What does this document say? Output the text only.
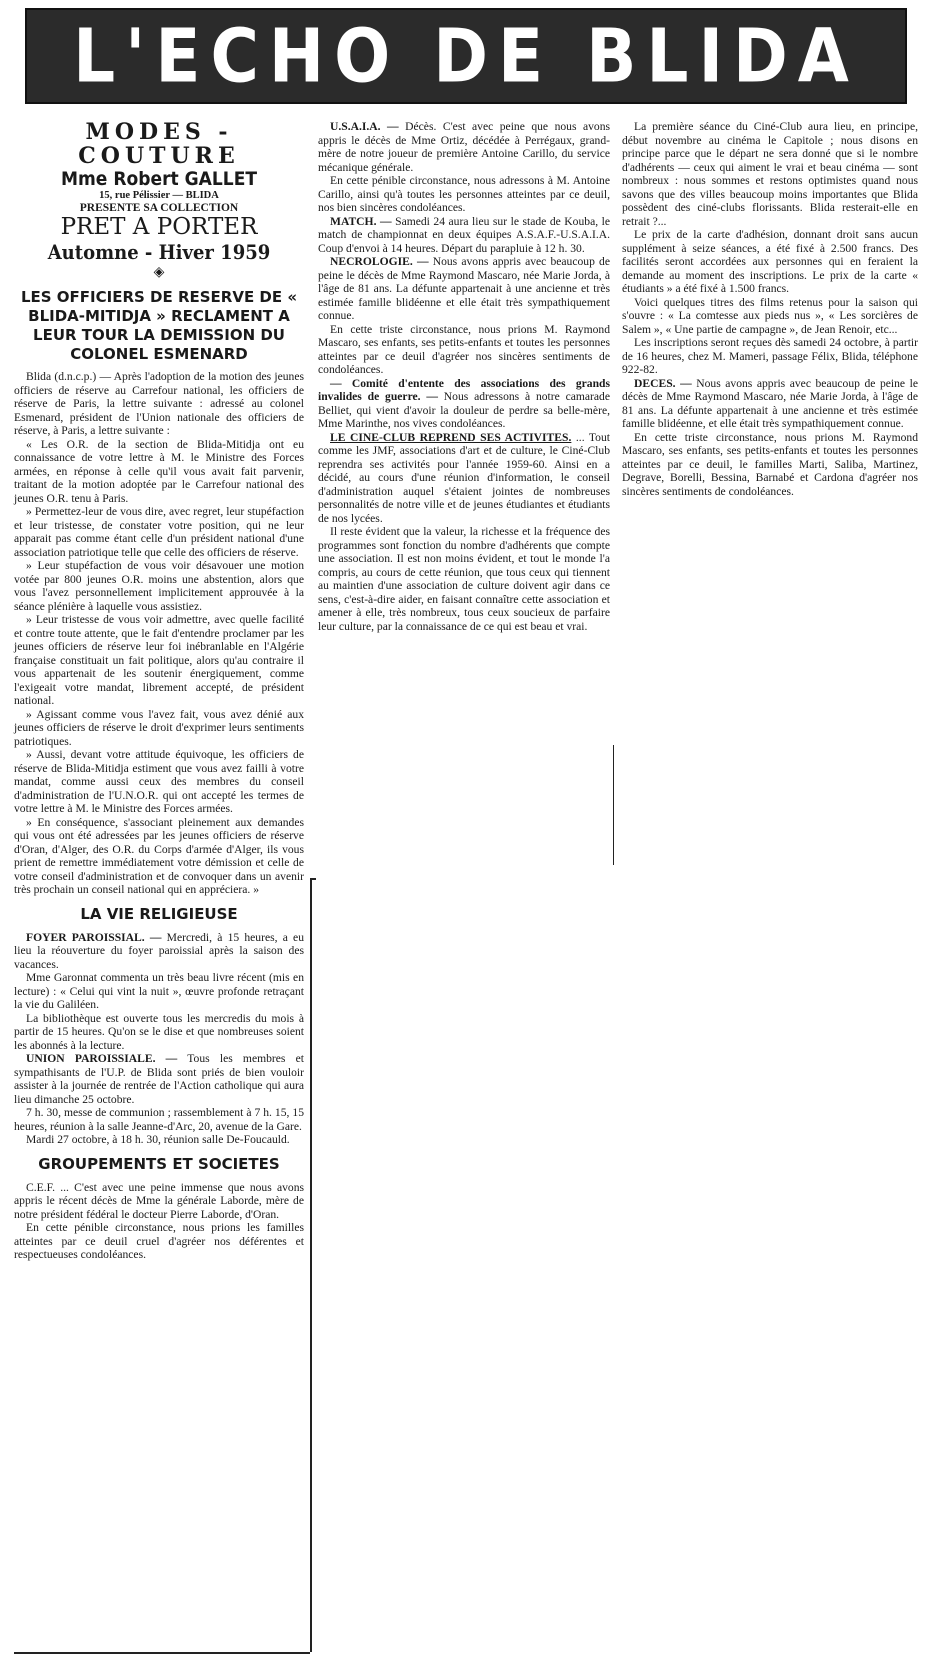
L'ECHO DE BLIDA
MODES - COUTURE
Mme Robert GALLET
15, rue Pélissier — BLIDA
PRESENTE SA COLLECTION
PRET A PORTER
Automne - Hiver 1959
◈
LES OFFICIERS DE RESERVE DE « BLIDA-MITIDJA » RECLAMENT A LEUR TOUR LA DEMISSION DU COLONEL ESMENARD

Blida (d.n.c.p.) — Après l'adoption de la motion des jeunes officiers de réserve au Carrefour national, les officiers de réserve de Paris, la lettre suivante : adressé au colonel Esmenard, président de l'Union nationale des officiers de réserve, à Paris, a lettre suivante :

« Les O.R. de la section de Blida-Mitidja ont eu connaissance de votre lettre à M. le Ministre des Forces armées, en réponse à celle qu'il vous avait fait parvenir, traitant de la motion adoptée par le Carrefour national des jeunes O.R. tenu à Paris.

» Permettez-leur de vous dire, avec regret, leur stupéfaction et leur tristesse, de constater votre position, qui ne leur apparait pas comme étant celle d'un président national d'une association patriotique telle que celle des officiers de réserve.

» Leur stupéfaction de vous voir désavouer une motion votée par 800 jeunes O.R. moins une abstention, alors que vous l'avez personnellement implicitement approuvée à la séance plénière à laquelle vous assistiez.

» Leur tristesse de vous voir admettre, avec quelle facilité et contre toute attente, que le fait d'entendre proclamer par les jeunes officiers de réserve leur foi inébranlable en l'Algérie française constituait un fait politique, alors qu'au contraire il vous appartenait de les soutenir énergiquement, comme l'exigeait votre mandat, librement accepté, de président national.

» Agissant comme vous l'avez fait, vous avez dénié aux jeunes officiers de réserve le droit d'exprimer leurs sentiments patriotiques.

» Aussi, devant votre attitude équivoque, les officiers de réserve de Blida-Mitidja estiment que vous avez failli à votre mandat, comme aussi ceux des membres du conseil d'administration de l'U.N.O.R. qui ont accepté les termes de votre lettre à M. le Ministre des Forces armées.

» En conséquence, s'associant pleinement aux demandes qui vous ont été adressées par les jeunes officiers de réserve d'Oran, d'Alger, des O.R. du Corps d'armée d'Alger, ils vous prient de remettre immédiatement votre démission et celle de votre conseil d'administration et de convoquer dans un avenir très prochain un conseil national qui en appréciera. »

LA VIE RELIGIEUSE

FOYER PAROISSIAL. — Mercredi, à 15 heures, a eu lieu la réouverture du foyer paroissial après la saison des vacances.

Mme Garonnat commenta un très beau livre récent (mis en lecture) : « Celui qui vint la nuit », œuvre profonde retraçant la vie du Galiléen.

La bibliothèque est ouverte tous les mercredis du mois à partir de 15 heures. Qu'on se le dise et que nombreuses soient les abonnés à la lecture.

UNION PAROISSIALE. — Tous les membres et sympathisants de l'U.P. de Blida sont priés de bien vouloir assister à la journée de rentrée de l'Action catholique qui aura lieu dimanche 25 octobre.

7 h. 30, messe de communion ; rassemblement à 7 h. 15, 15 heures, réunion à la salle Jeanne-d'Arc, 20, avenue de la Gare.

Mardi 27 octobre, à 18 h. 30, réunion salle De-Foucauld.

GROUPEMENTS ET SOCIETES

C.E.F. ... C'est avec une peine immense que nous avons appris le récent décès de Mme la générale Laborde, mère de notre président fédéral le docteur Pierre Laborde, d'Oran.

En cette pénible circonstance, nous prions les familles atteintes par ce deuil cruel d'agréer nos déférentes et respectueuses condoléances.

U.S.A.I.A. — Décès. C'est avec peine que nous avons appris le décès de Mme Ortiz, décédée à Perrégaux, grand-mère de notre joueur de première Antoine Carillo, du service mécanique générale.

En cette pénible circonstance, nous adressons à M. Antoine Carillo, ainsi qu'à toutes les personnes atteintes par ce deuil, nos bien sincères condoléances.

MATCH. — Samedi 24 aura lieu sur le stade de Kouba, le match de championnat en deux équipes A.S.A.F.-U.S.A.I.A. Coup d'envoi à 14 heures. Départ du parapluie à 12 h. 30.

NECROLOGIE. — Nous avons appris avec beaucoup de peine le décès de Mme Raymond Mascaro, née Marie Jorda, à l'âge de 81 ans. La défunte appartenait à une ancienne et très estimée famille blidéenne et elle était très sympathiquement connue.

En cette triste circonstance, nous prions M. Raymond Mascaro, ses enfants, ses petits-enfants et toutes les personnes atteintes par ce deuil d'agréer nos sincères sentiments de condoléances.

— Comité d'entente des associations des grands invalides de guerre. — Nous adressons à notre camarade Belliet, qui vient d'avoir la douleur de perdre sa belle-mère, Mme Marinthe, nos vives condoléances.

LE CINE-CLUB REPREND SES ACTIVITES. ... Tout comme les JMF, associations d'art et de culture, le Ciné-Club reprendra ses activités pour l'année 1959-60. Ainsi en a décidé, au cours d'une réunion d'information, le conseil d'administration auquel s'étaient jointes de nombreuses personnalités de notre ville et de jeunes étudiantes et étudiants de nos lycées.

Il reste évident que la valeur, la richesse et la fréquence des programmes sont fonction du nombre d'adhérents que compte une association. Il est non moins évident, et tout le monde l'a compris, au cours de cette réunion, que tous ceux qui tiennent au maintien d'une association de culture doivent agir dans ce sens, c'est-à-dire aider, en faisant connaître cette association et amener à elle, très nombreux, tous ceux soucieux de parfaire leur culture, par la connaissance de ce qui est beau et vrai.

La première séance du Ciné-Club aura lieu, en principe, début novembre au cinéma le Capitole ; nous disons en principe parce que le départ ne sera donné que si le nombre d'adhérents — ceux qui aiment le vrai et beau cinéma — sont nombreux : nous sommes et restons optimistes quand nous savons que des villes beaucoup moins importantes que Blida possèdent des ciné-clubs florissants. Blida resterait-elle en retrait ?...

Le prix de la carte d'adhésion, donnant droit sans aucun supplément à seize séances, a été fixé à 2.500 francs. Des facilités seront accordées aux personnes qui en feraient la demande au moment des inscriptions. Le prix de la carte « étudiants » a été fixé à 1.500 francs.

Voici quelques titres des films retenus pour la saison qui s'ouvre : « La comtesse aux pieds nus », « Les sorcières de Salem », « Une partie de campagne », de Jean Renoir, etc...

Les inscriptions seront reçues dès samedi 24 octobre, à partir de 16 heures, chez M. Mameri, passage Félix, Blida, téléphone 922-82.

DECES. — Nous avons appris avec beaucoup de peine le décès de Mme Raymond Mascaro, née Marie Jorda, à l'âge de 81 ans. La défunte appartenait à une ancienne et très estimée famille blidéenne, et elle était très sympathiquement connue.

En cette triste circonstance, nous prions M. Raymond Mascaro, ses enfants, ses petits-enfants et toutes les personnes atteintes par ce deuil, le familles Marti, Saliba, Martinez, Degrave, Borelli, Bessina, Barnabé et Cardona d'agréer nos sincères sentiments de condoléances.
